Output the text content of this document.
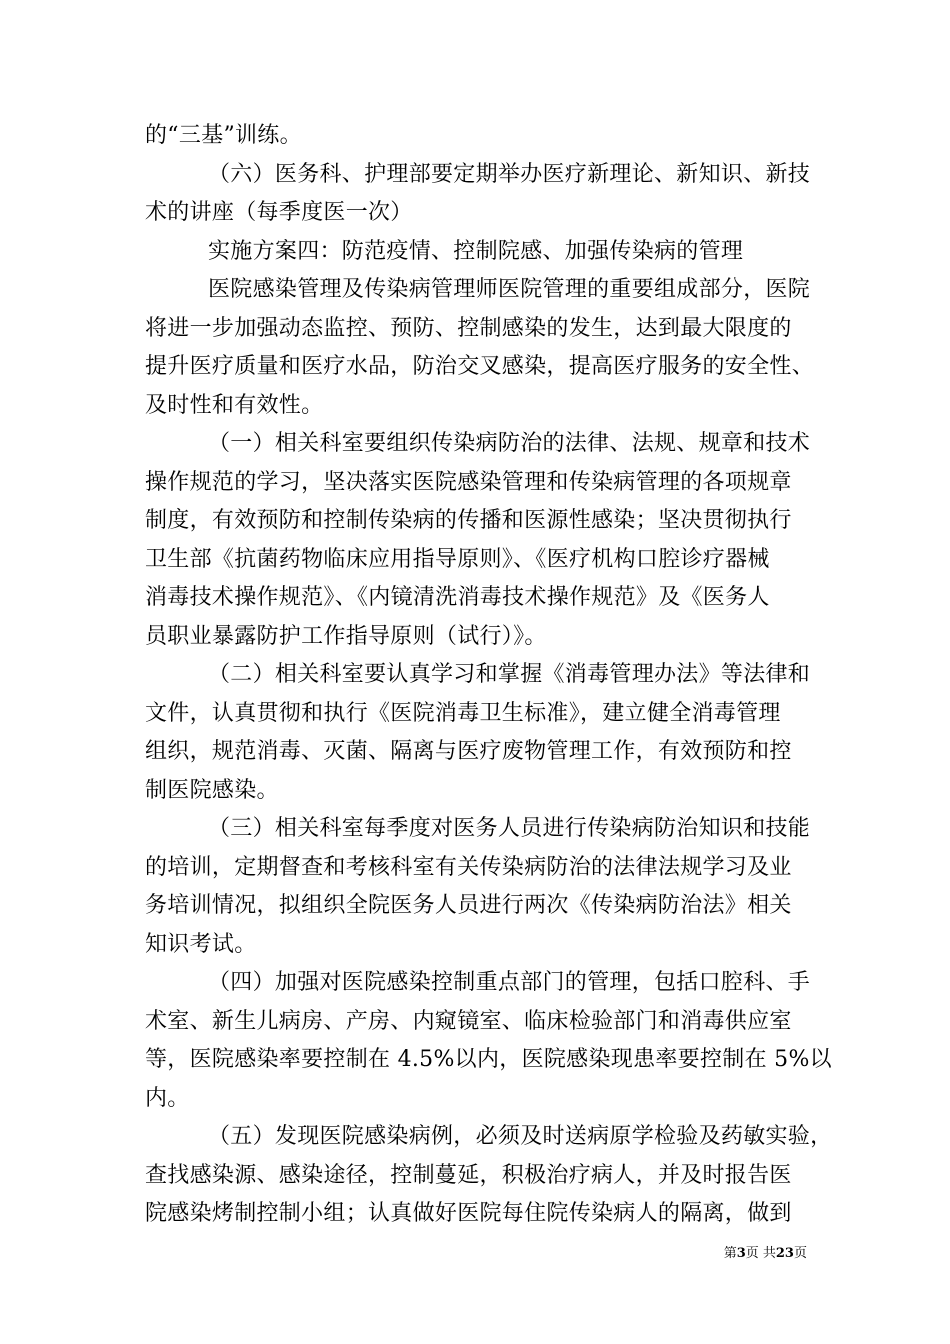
的“三基”训练。
（六）医务科、护理部要定期举办医疗新理论、新知识、新技
术的讲座（每季度医一次）
实施方案四：防范疫情、控制院感、加强传染病的管理
医院感染管理及传染病管理师医院管理的重要组成部分，医院
将进一步加强动态监控、预防、控制感染的发生，达到最大限度的
提升医疗质量和医疗水品，防治交叉感染，提高医疗服务的安全性、
及时性和有效性。
（一）相关科室要组织传染病防治的法律、法规、规章和技术
操作规范的学习，坚决落实医院感染管理和传染病管理的各项规章
制度，有效预防和控制传染病的传播和医源性感染；坚决贯彻执行
卫生部《抗菌药物临床应用指导原则》、《医疗机构口腔诊疗器械
消毒技术操作规范》、《内镜清洗消毒技术操作规范》及《医务人
员职业暴露防护工作指导原则（试行）》。
（二）相关科室要认真学习和掌握《消毒管理办法》等法律和
文件，认真贯彻和执行《医院消毒卫生标准》，建立健全消毒管理
组织，规范消毒、灭菌、隔离与医疗废物管理工作，有效预防和控
制医院感染。
（三）相关科室每季度对医务人员进行传染病防治知识和技能
的培训，定期督查和考核科室有关传染病防治的法律法规学习及业
务培训情况，拟组织全院医务人员进行两次《传染病防治法》相关
知识考试。
（四）加强对医院感染控制重点部门的管理，包括口腔科、手
术室、新生儿病房、产房、内窥镜室、临床检验部门和消毒供应室
等，医院感染率要控制在 4.5%以内，医院感染现患率要控制在 5%以
内。
（五）发现医院感染病例，必须及时送病原学检验及药敏实验，
查找感染源、感染途径，控制蔓延，积极治疗病人，并及时报告医
院感染烤制控制小组；认真做好医院每住院传染病人的隔离，做到
第3页 共23页
